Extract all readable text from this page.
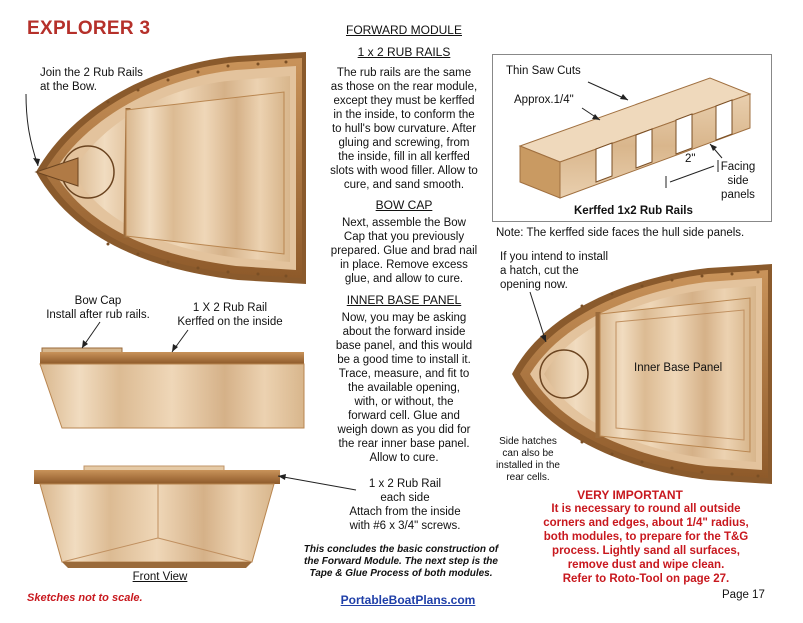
EXPLORER 3
Join the 2 Rub Rails
at the Bow.
Bow Cap
Install after rub rails.
1 X 2 Rub Rail
Kerffed on the inside
Front View
Sketches not to scale.
FORWARD MODULE
1 x 2 RUB RAILS
The rub rails are the same
as those on the rear module,
except they must be kerffed
in the inside, to conform the
to hull's bow curvature. After
gluing and screwing, from
the inside, fill in all kerffed
slots with wood filler. Allow to
cure, and sand smooth.
BOW CAP
Next, assemble the Bow
Cap that you previously
prepared. Glue and brad nail
in place. Remove excess
glue, and allow to cure.
INNER BASE PANEL
Now, you may be asking
about the forward inside
base panel, and this would
be a good time to install it.
Trace, measure, and fit to
the available opening,
with, or without, the
forward cell. Glue and
weigh down as you did for
the rear inner base panel.
Allow to cure.
1 x 2 Rub Rail
each side
Attach from the inside
with #6 x 3/4" screws.
This concludes the basic construction of
the Forward Module. The next step is the
Tape & Glue Process of both modules.
PortableBoatPlans.com
Thin Saw Cuts
Approx.1/4"
2"
Facing
side
panels
Kerffed 1x2 Rub Rails
Note: The kerffed side faces the hull side panels.
If you intend to install
a hatch, cut the
opening now.
Inner Base Panel
Side hatches
can also be
installed in the
rear cells.
VERY IMPORTANT
It is necessary to round all outside
corners and edges, about 1/4" radius,
both modules, to prepare for the T&G
process. Lightly sand all surfaces,
remove dust and wipe clean.
Refer to Roto-Tool on page 27.
Page 17
